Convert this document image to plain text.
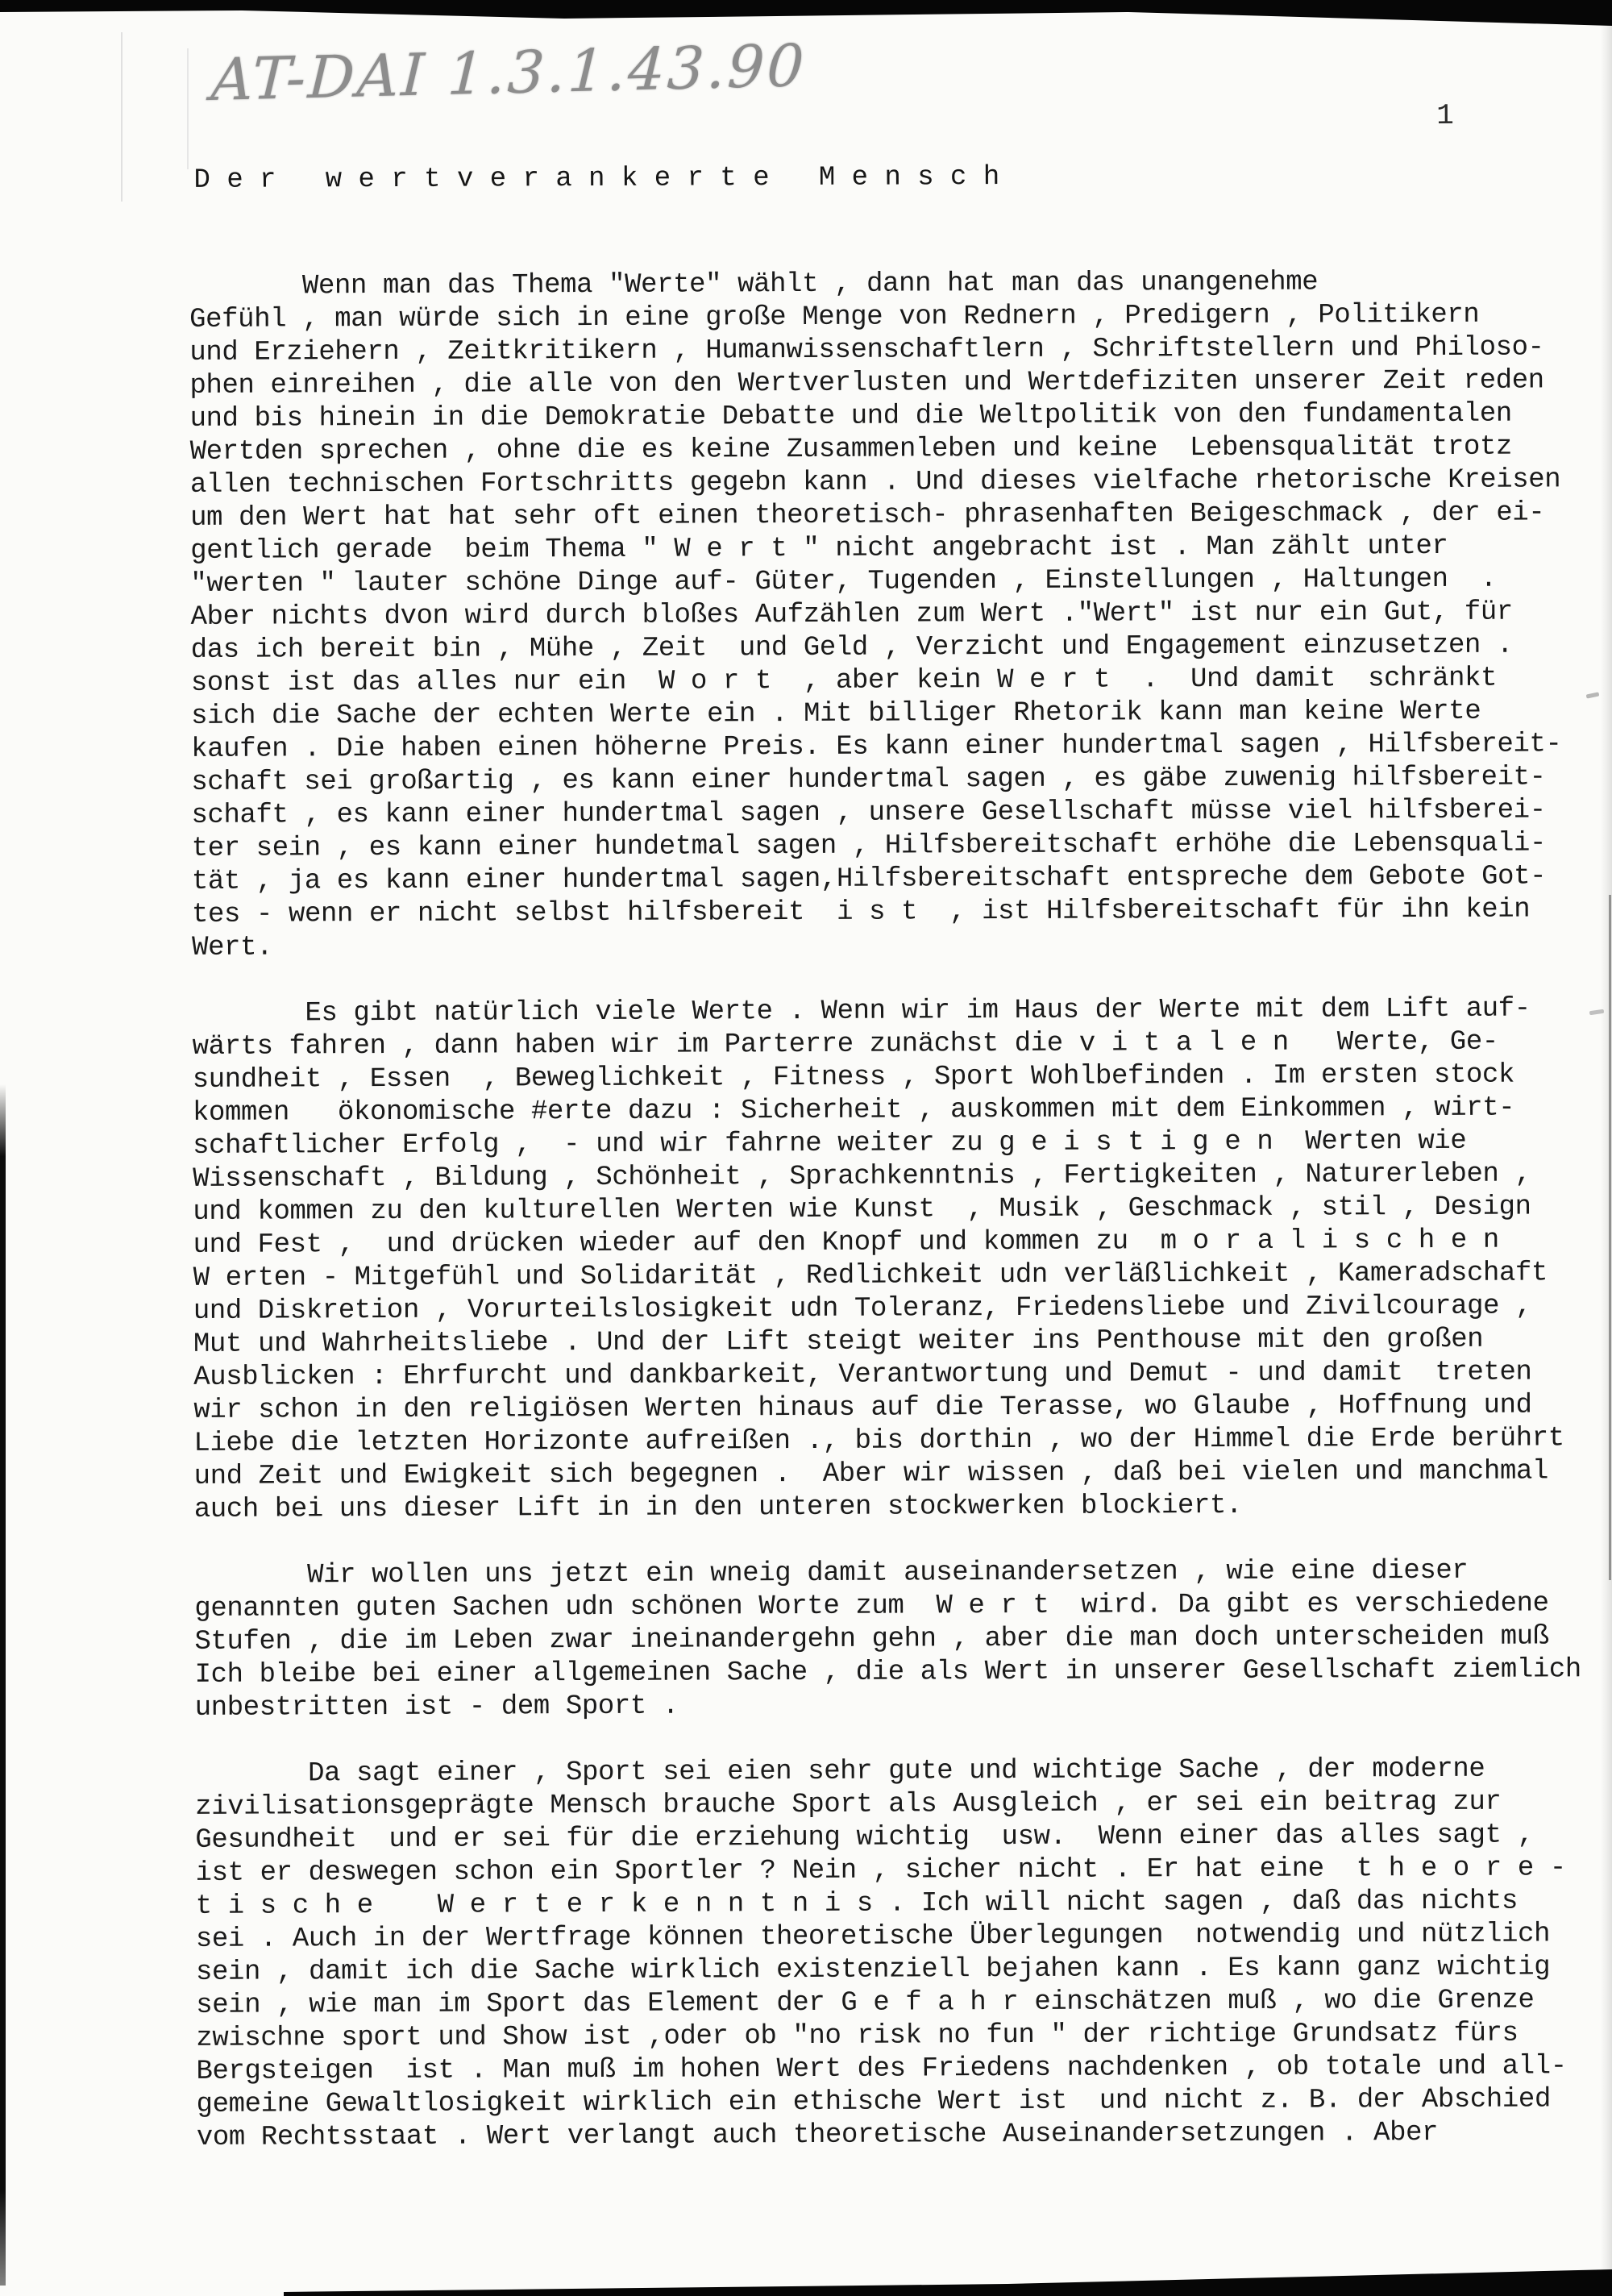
AT-DAI 1.3.1.43.90
1
D e r   w e r t v e r a n k e r t e   M e n s c h
Wenn man das Thema "Werte" wählt , dann hat man das unangenehme
Gefühl , man würde sich in eine große Menge von Rednern , Predigern , Politikern
und Erziehern , Zeitkritikern , Humanwissenschaftlern , Schriftstellern und Philoso-
phen einreihen , die alle von den Wertverlusten und Wertdefiziten unserer Zeit reden
und bis hinein in die Demokratie Debatte und die Weltpolitik von den fundamentalen
Wertden sprechen , ohne die es keine Zusammenleben und keine  Lebensqualität trotz
allen technischen Fortschritts gegebn kann . Und dieses vielfache rhetorische Kreisen
um den Wert hat hat sehr oft einen theoretisch- phrasenhaften Beigeschmack , der ei-
gentlich gerade  beim Thema " W e r t " nicht angebracht ist . Man zählt unter
"werten " lauter schöne Dinge auf- Güter, Tugenden , Einstellungen , Haltungen  .
Aber nichts dvon wird durch bloßes Aufzählen zum Wert ."Wert" ist nur ein Gut, für
das ich bereit bin , Mühe , Zeit  und Geld , Verzicht und Engagement einzusetzen .
sonst ist das alles nur ein  W o r t  , aber kein W e r t  .  Und damit  schränkt
sich die Sache der echten Werte ein . Mit billiger Rhetorik kann man keine Werte
kaufen . Die haben einen höherne Preis. Es kann einer hundertmal sagen , Hilfsbereit-
schaft sei großartig , es kann einer hundertmal sagen , es gäbe zuwenig hilfsbereit-
schaft , es kann einer hundertmal sagen , unsere Gesellschaft müsse viel hilfsberei-
ter sein , es kann einer hundetmal sagen , Hilfsbereitschaft erhöhe die Lebensquali-
tät , ja es kann einer hundertmal sagen,Hilfsbereitschaft entspreche dem Gebote Got-
tes - wenn er nicht selbst hilfsbereit  i s t  , ist Hilfsbereitschaft für ihn kein
Wert.
Es gibt natürlich viele Werte . Wenn wir im Haus der Werte mit dem Lift auf-
wärts fahren , dann haben wir im Parterre zunächst die v i t a l e n   Werte, Ge-
sundheit , Essen  , Beweglichkeit , Fitness , Sport Wohlbefinden . Im ersten stock
kommen   ökonomische #erte dazu : Sicherheit , auskommen mit dem Einkommen , wirt-
schaftlicher Erfolg ,  - und wir fahrne weiter zu g e i s t i g e n  Werten wie
Wissenschaft , Bildung , Schönheit , Sprachkenntnis , Fertigkeiten , Naturerleben ,
und kommen zu den kulturellen Werten wie Kunst  , Musik , Geschmack , stil , Design
und Fest ,  und drücken wieder auf den Knopf und kommen zu  m o r a l i s c h e n
W erten - Mitgefühl und Solidarität , Redlichkeit udn verläßlichkeit , Kameradschaft
und Diskretion , Vorurteilslosigkeit udn Toleranz, Friedensliebe und Zivilcourage ,
Mut und Wahrheitsliebe . Und der Lift steigt weiter ins Penthouse mit den großen
Ausblicken : Ehrfurcht und dankbarkeit, Verantwortung und Demut - und damit  treten
wir schon in den religiösen Werten hinaus auf die Terasse, wo Glaube , Hoffnung und
Liebe die letzten Horizonte aufreißen ., bis dorthin , wo der Himmel die Erde berührt
und Zeit und Ewigkeit sich begegnen .  Aber wir wissen , daß bei vielen und manchmal
auch bei uns dieser Lift in in den unteren stockwerken blockiert.
Wir wollen uns jetzt ein wneig damit auseinandersetzen , wie eine dieser
genannten guten Sachen udn schönen Worte zum  W e r t  wird. Da gibt es verschiedene
Stufen , die im Leben zwar ineinandergehn gehn , aber die man doch unterscheiden muß
Ich bleibe bei einer allgemeinen Sache , die als Wert in unserer Gesellschaft ziemlich
unbestritten ist - dem Sport .
Da sagt einer , Sport sei eien sehr gute und wichtige Sache , der moderne
zivilisationsgeprägte Mensch brauche Sport als Ausgleich , er sei ein beitrag zur
Gesundheit  und er sei für die erziehung wichtig  usw.  Wenn einer das alles sagt ,
ist er deswegen schon ein Sportler ? Nein , sicher nicht . Er hat eine  t h e o r e -
t i s c h e    W e r t e r k e n n t n i s . Ich will nicht sagen , daß das nichts
sei . Auch in der Wertfrage können theoretische Überlegungen  notwendig und nützlich
sein , damit ich die Sache wirklich existenziell bejahen kann . Es kann ganz wichtig
sein , wie man im Sport das Element der G e f a h r einschätzen muß , wo die Grenze
zwischne sport und Show ist ,oder ob "no risk no fun " der richtige Grundsatz fürs
Bergsteigen  ist . Man muß im hohen Wert des Friedens nachdenken , ob totale und all-
gemeine Gewaltlosigkeit wirklich ein ethische Wert ist  und nicht z. B. der Abschied
vom Rechtsstaat . Wert verlangt auch theoretische Auseinandersetzungen . Aber
